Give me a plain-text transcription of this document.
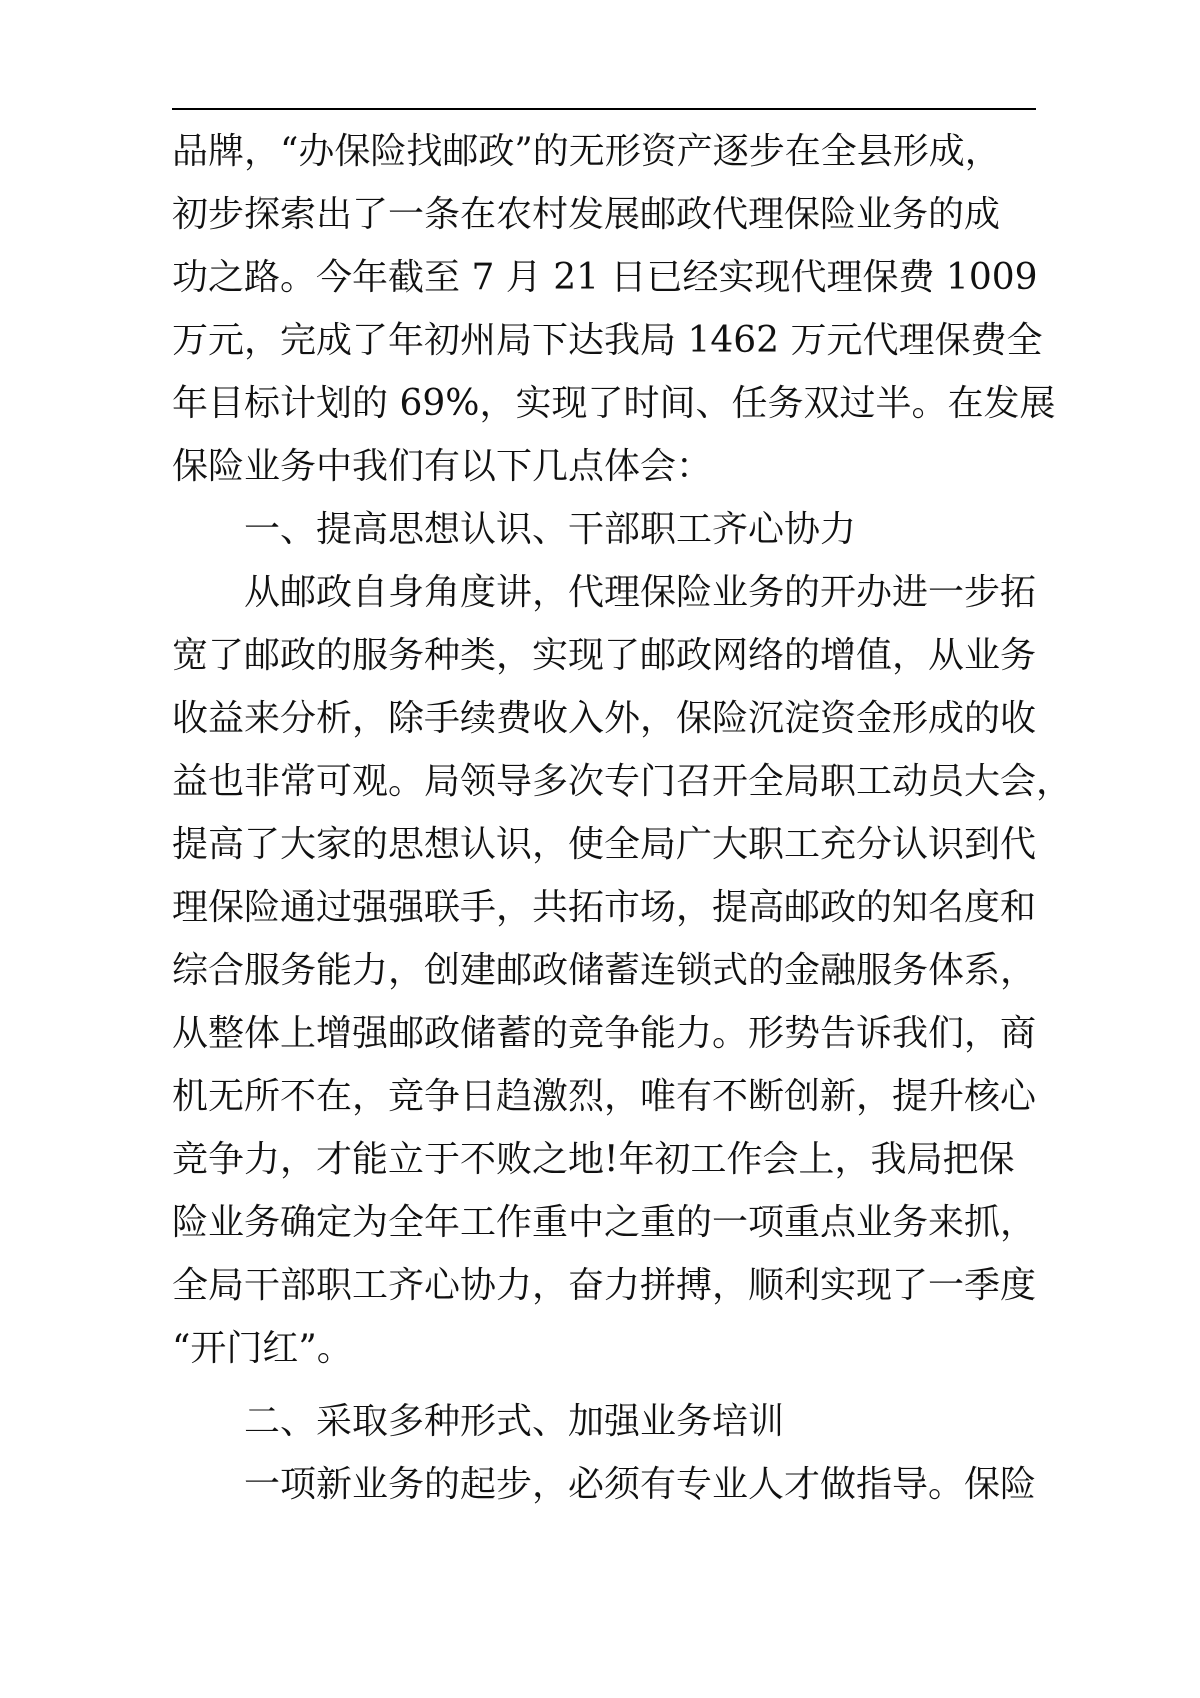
品牌，“办保险找邮政”的无形资产逐步在全县形成，

初步探索出了一条在农村发展邮政代理保险业务的成

功之路。今年截至 7 月 21 日已经实现代理保费 1009

万元，完成了年初州局下达我局 1462 万元代理保费全

年目标计划的 69%，实现了时间、任务双过半。在发展

保险业务中我们有以下几点体会：

一、提高思想认识、干部职工齐心协力

从邮政自身角度讲，代理保险业务的开办进一步拓

宽了邮政的服务种类，实现了邮政网络的增值，从业务

收益来分析，除手续费收入外，保险沉淀资金形成的收

益也非常可观。局领导多次专门召开全局职工动员大会，

提高了大家的思想认识，使全局广大职工充分认识到代

理保险通过强强联手，共拓市场，提高邮政的知名度和

综合服务能力，创建邮政储蓄连锁式的金融服务体系，

从整体上增强邮政储蓄的竞争能力。形势告诉我们，商

机无所不在，竞争日趋激烈，唯有不断创新，提升核心

竞争力，才能立于不败之地!年初工作会上，我局把保

险业务确定为全年工作重中之重的一项重点业务来抓，

全局干部职工齐心协力，奋力拼搏，顺利实现了一季度

“开门红”。

二、采取多种形式、加强业务培训

一项新业务的起步，必须有专业人才做指导。保险
